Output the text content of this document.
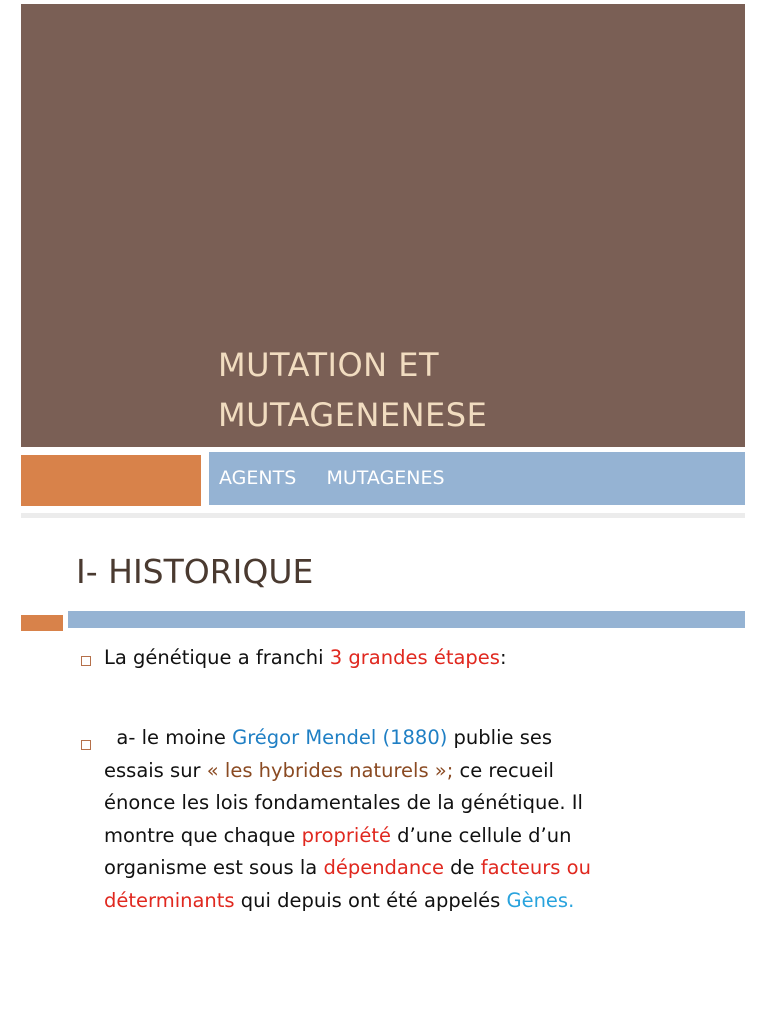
MUTATION ET
MUTAGENENESE

AGENTS     MUTAGENES

I- HISTORIQUE

La génétique a franchi 3 grandes étapes:

a- le moine Grégor Mendel (1880) publie ses
essais sur « les hybrides naturels »; ce recueil
énonce les lois fondamentales de la génétique. Il
montre que chaque propriété d’une cellule d’un
organisme est sous la dépendance de facteurs ou
déterminants qui depuis ont été appelés Gènes.
